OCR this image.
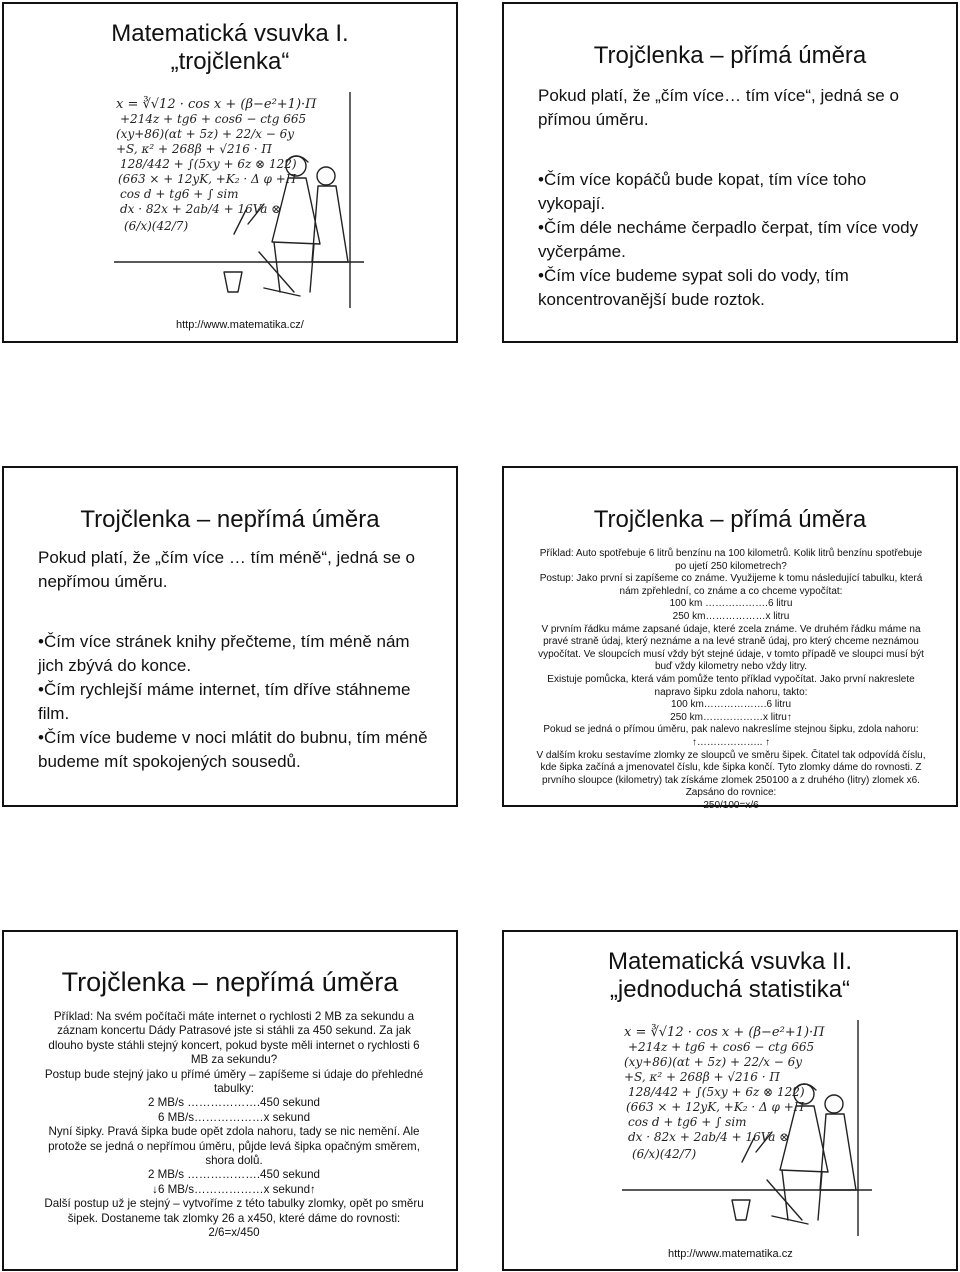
Matematická vsuvka I.
„trojčlenka“
x = ∛√12 · cos x + (β−e²+1)·Π
+214z + tg6 + cos6 − ctg 665
(xy+86)(αt + 5z) + 22/x − 6y
+S, κ² + 268β + √216 · Π
128/442 + ∫(5xy + 6z ⊗ 122)
(663 × + 12yK, +K₂ · Δ φ +Π
cos d + tg6 + ∫ sim
dx · 82x + 2ab/4 + 16Va ⊗
(6/x)(42/7)
http://www.matematika.cz/
Trojčlenka – přímá úměra

Pokud platí, že „čím více… tím více“, jedná se o přímou úměru.

•Čím více kopáčů bude kopat, tím více toho vykopají.

•Čím déle necháme čerpadlo čerpat, tím více vody vyčerpáme.

•Čím více budeme sypat soli do vody, tím koncentrovanější bude roztok.

Trojčlenka – nepřímá úměra

Pokud platí, že „čím více … tím méně“, jedná se o nepřímou úměru.

•Čím více stránek knihy přečteme, tím méně nám jich zbývá do konce.

•Čím rychlejší máme internet, tím dříve stáhneme film.

•Čím více budeme v noci mlátit do bubnu, tím méně budeme mít spokojených sousedů.

Trojčlenka – přímá úměra

Příklad: Auto spotřebuje 6 litrů benzínu na 100 kilometrů. Kolik litrů benzínu spotřebuje po ujetí 250 kilometrech?

Postup: Jako první si zapíšeme co známe. Využijeme k tomu následující tabulku, která nám zpřehlední, co známe a co chceme vypočítat:

100 km ……………….6 litru

250 km………………x litru

V prvním řádku máme zapsané údaje, které zcela známe. Ve druhém řádku máme na pravé straně údaj, který neznáme a na levé straně údaj, pro který chceme neznámou vypočítat. Ve sloupcích musí vždy být stejné údaje, v tomto případě ve sloupci musí být buď vždy kilometry nebo vždy litry.

Existuje pomůcka, která vám pomůže tento příklad vypočítat. Jako první nakreslete napravo šipku zdola nahoru, takto:

100 km……………….6 litru

250 km………………x litru↑

Pokud se jedná o přímou úměru, pak nalevo nakreslíme stejnou šipku, zdola nahoru:

↑……………….. ↑

V dalším kroku sestavíme zlomky ze sloupců ve směru šipek. Čitatel tak odpovídá číslu, kde šipka začíná a jmenovatel číslu, kde šipka končí. Tyto zlomky dáme do rovnosti. Z prvního sloupce (kilometry) tak získáme zlomek 250100 a z druhého (litry) zlomek x6. Zapsáno do rovnice:

250/100=x/6

Trojčlenka – nepřímá úměra

Příklad: Na svém počítači máte internet o rychlosti 2 MB za sekundu a záznam koncertu Dády Patrasové jste si stáhli za 450 sekund. Za jak dlouho byste stáhli stejný koncert, pokud byste měli internet o rychlosti 6 MB za sekundu?

Postup bude stejný jako u přímé úměry – zapíšeme si údaje do přehledné tabulky:

2 MB/s ……………….450 sekund

6 MB/s………………x sekund

Nyní šipky. Pravá šipka bude opět zdola nahoru, tady se nic nemění. Ale protože se jedná o nepřímou úměru, půjde levá šipka opačným směrem, shora dolů.

2 MB/s ……………….450 sekund

↓6 MB/s………………x sekund↑

Další postup už je stejný – vytvoříme z této tabulky zlomky, opět po směru šipek. Dostaneme tak zlomky 26 a x450, které dáme do rovnosti:

2/6=x/450

Matematická vsuvka II.
„jednoduchá statistika“
x = ∛√12 · cos x + (β−e²+1)·Π
+214z + tg6 + cos6 − ctg 665
(xy+86)(αt + 5z) + 22/x − 6y
+S, κ² + 268β + √216 · Π
128/442 + ∫(5xy + 6z ⊗ 122)
(663 × + 12yK, +K₂ · Δ φ +Π
cos d + tg6 + ∫ sim
dx · 82x + 2ab/4 + 16Va ⊗
(6/x)(42/7)
http://www.matematika.cz
